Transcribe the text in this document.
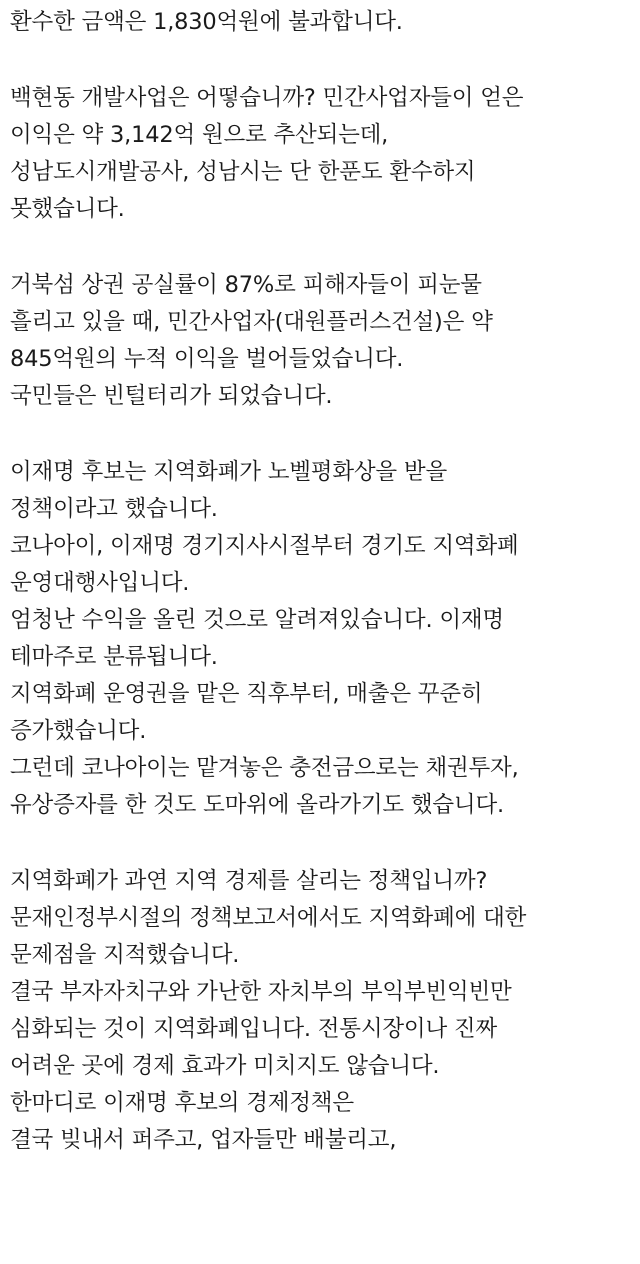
환수한 금액은 1,830억원에 불과합니다.
백현동 개발사업은 어떻습니까? 민간사업자들이 얻은
이익은 약 3,142억 원으로 추산되는데,
성남도시개발공사, 성남시는 단 한푼도 환수하지
못했습니다.
거북섬 상권 공실률이 87%로 피해자들이 피눈물
흘리고 있을 때, 민간사업자(대원플러스건설)은 약
845억원의 누적 이익을 벌어들었습니다.
국민들은 빈털터리가 되었습니다.
이재명 후보는 지역화폐가 노벨평화상을 받을
정책이라고 했습니다.
코나아이, 이재명 경기지사시절부터 경기도 지역화폐
운영대행사입니다.
엄청난 수익을 올린 것으로 알려져있습니다. 이재명
테마주로 분류됩니다.
지역화폐 운영권을 맡은 직후부터, 매출은 꾸준히
증가했습니다.
그런데 코나아이는 맡겨놓은 충전금으로는 채권투자,
유상증자를 한 것도 도마위에 올라가기도 했습니다.
지역화폐가 과연 지역 경제를 살리는 정책입니까?
문재인정부시절의 정책보고서에서도 지역화폐에 대한
문제점을 지적했습니다.
결국 부자자치구와 가난한 자치부의 부익부빈익빈만
심화되는 것이 지역화폐입니다. 전통시장이나 진짜
어려운 곳에 경제 효과가 미치지도 않습니다.
한마디로 이재명 후보의 경제정책은
결국 빚내서 퍼주고, 업자들만 배불리고,
